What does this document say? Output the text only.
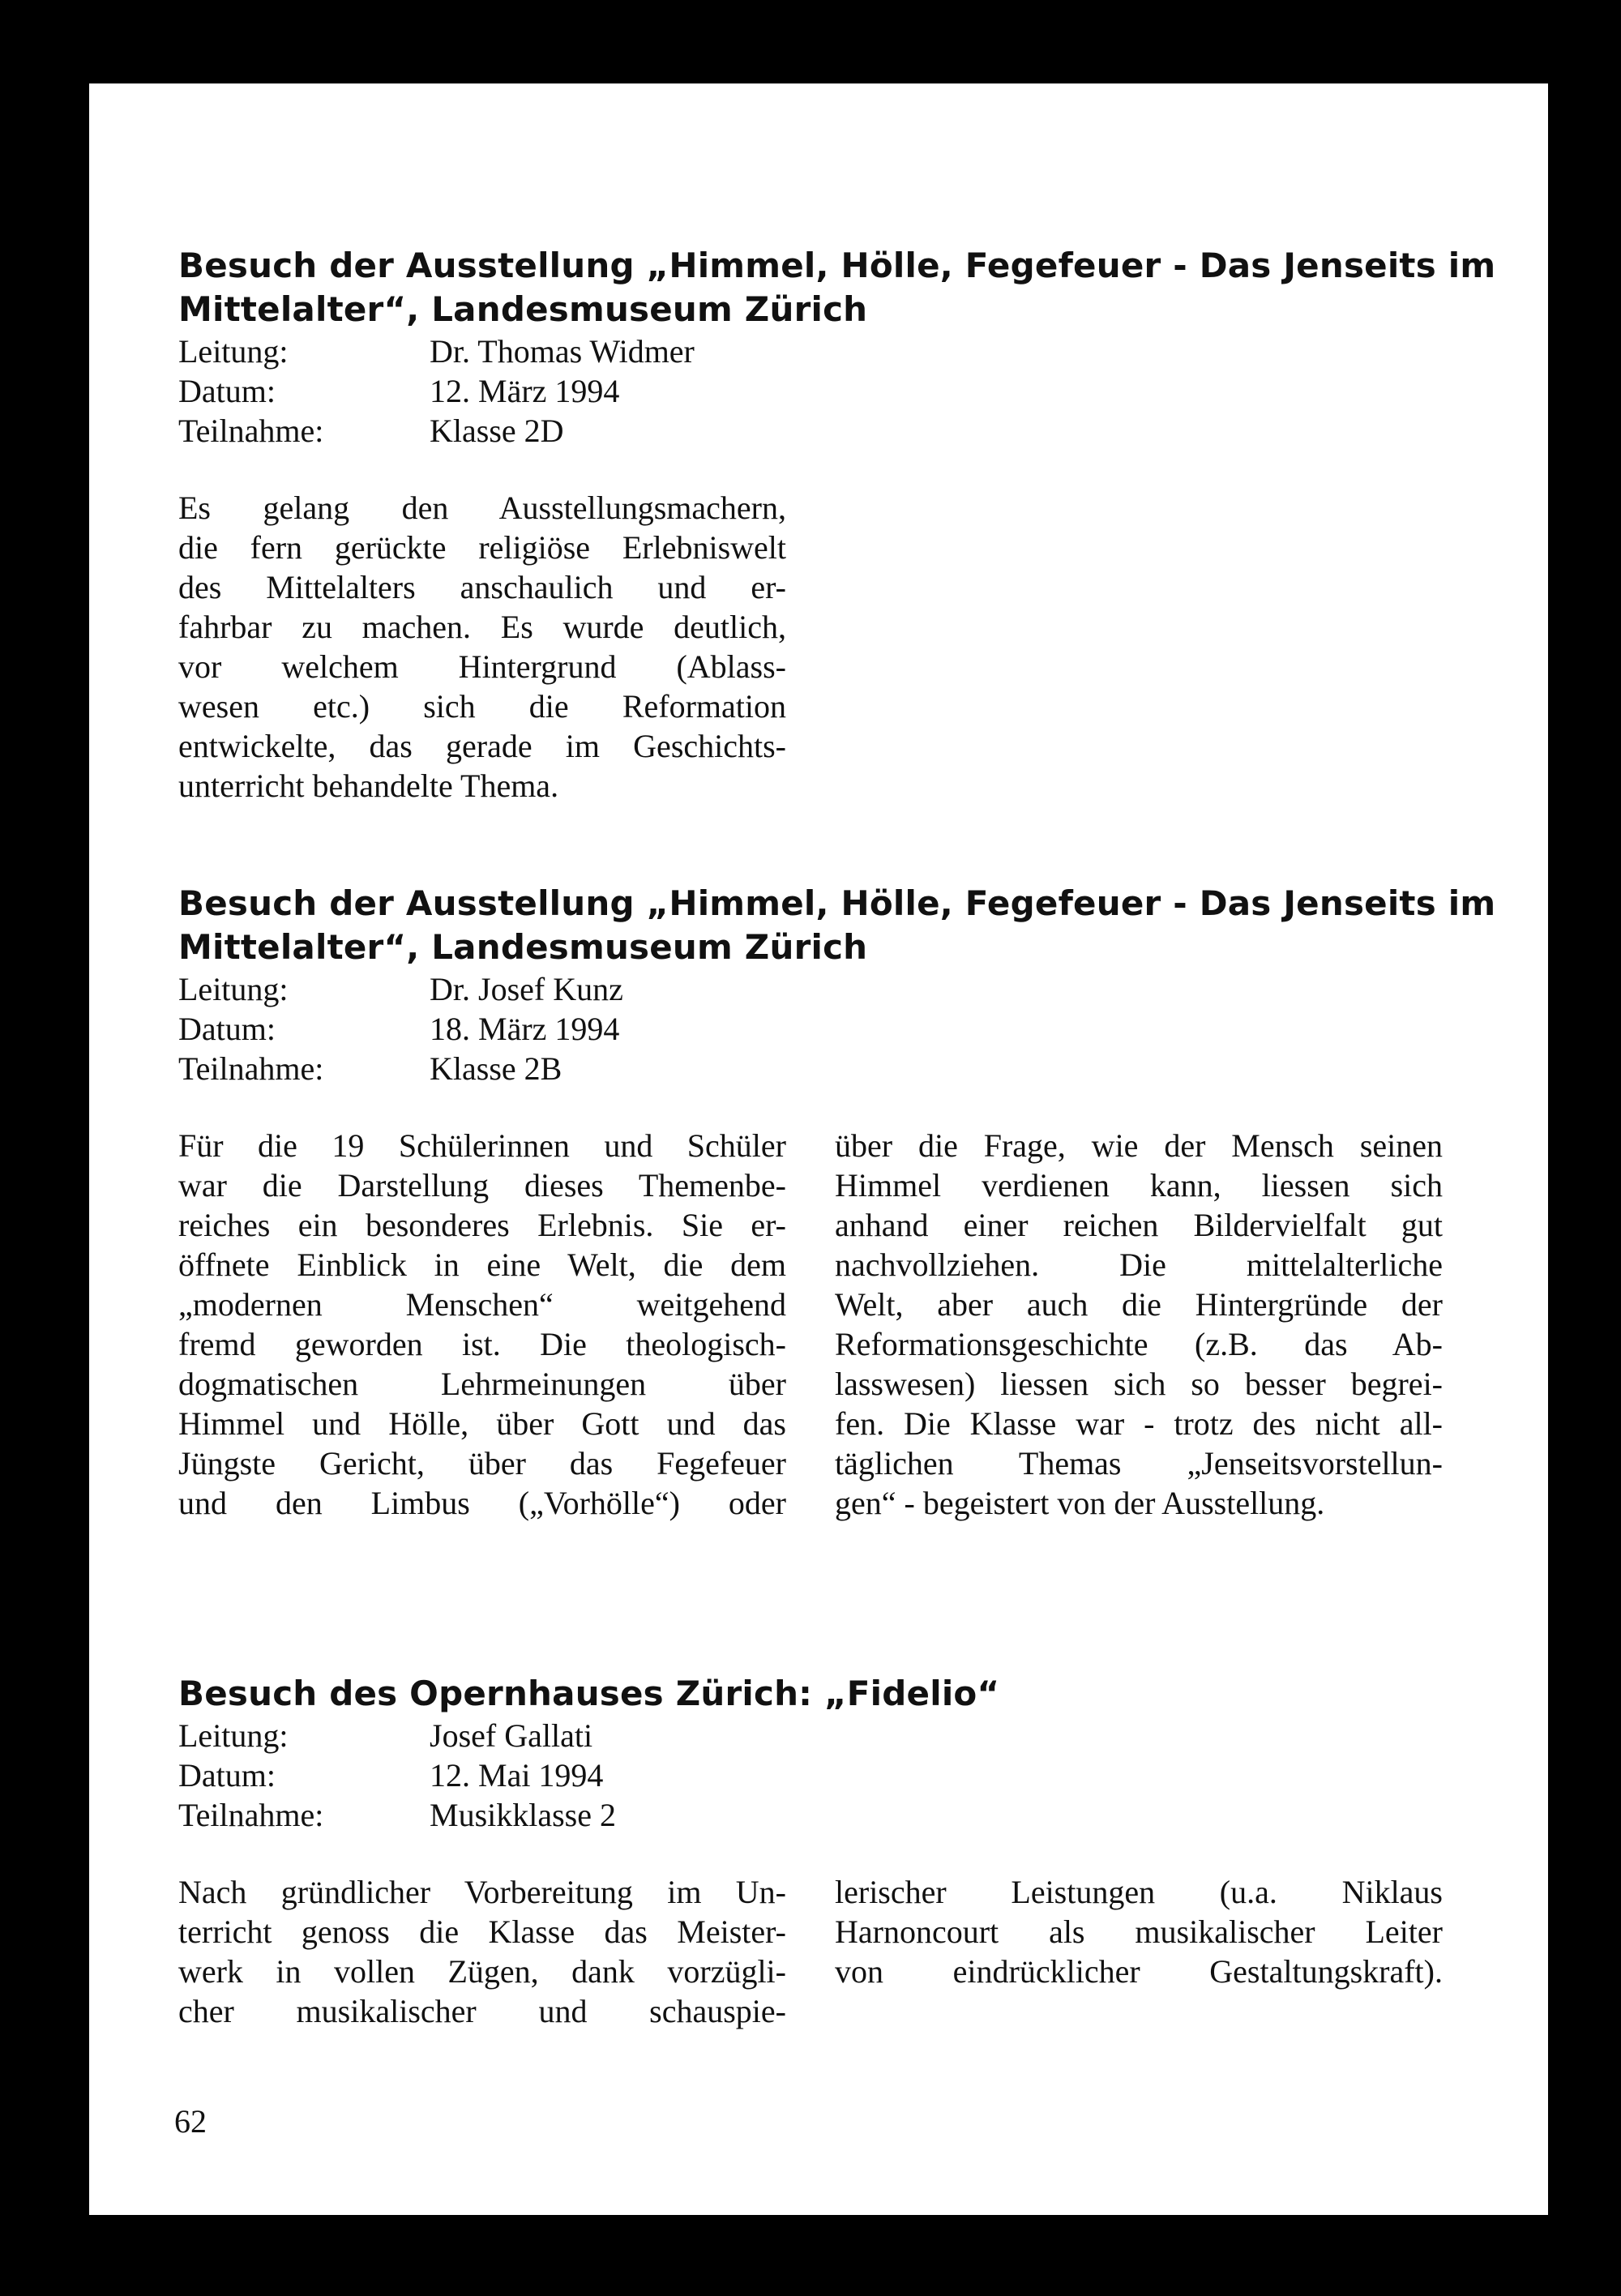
Besuch der Ausstellung „Himmel, Hölle, Fegefeuer - Das Jenseits im
Mittelalter“, Landesmuseum Zürich
Leitung:	Dr. Thomas Widmer
Datum:	12. März 1994
Teilnahme:	Klasse 2D
Es gelang den Ausstellungsmachern,
die fern gerückte religiöse Erlebniswelt
des Mittelalters anschaulich und er-
fahrbar zu machen. Es wurde deutlich,
vor welchem Hintergrund (Ablass-
wesen etc.) sich die Reformation
entwickelte, das gerade im Geschichts-
unterricht behandelte Thema.
Besuch der Ausstellung „Himmel, Hölle, Fegefeuer - Das Jenseits im
Mittelalter“, Landesmuseum Zürich
Leitung:	Dr. Josef Kunz
Datum:	18. März 1994
Teilnahme:	Klasse 2B
Für die 19 Schülerinnen und Schüler
war die Darstellung dieses Themenbe-
reiches ein besonderes Erlebnis. Sie er-
öffnete Einblick in eine Welt, die dem
„modernen Menschen“ weitgehend
fremd geworden ist. Die theologisch-
dogmatischen Lehrmeinungen über
Himmel und Hölle, über Gott und das
Jüngste Gericht, über das Fegefeuer
und den Limbus („Vorhölle“) oder
über die Frage, wie der Mensch seinen
Himmel verdienen kann, liessen sich
anhand einer reichen Bildervielfalt gut
nachvollziehen. Die mittelalterliche
Welt, aber auch die Hintergründe der
Reformationsgeschichte (z.B. das Ab-
lasswesen) liessen sich so besser begrei-
fen. Die Klasse war - trotz des nicht all-
täglichen Themas „Jenseitsvorstellun-
gen“ - begeistert von der Ausstellung.
Besuch des Opernhauses Zürich: „Fidelio“
Leitung:	Josef Gallati
Datum:	12. Mai 1994
Teilnahme:	Musikklasse 2
Nach gründlicher Vorbereitung im Un-
terricht genoss die Klasse das Meister-
werk in vollen Zügen, dank vorzügli-
cher musikalischer und schauspie-
lerischer Leistungen (u.a. Niklaus
Harnoncourt als musikalischer Leiter
von eindrücklicher Gestaltungskraft).
62
